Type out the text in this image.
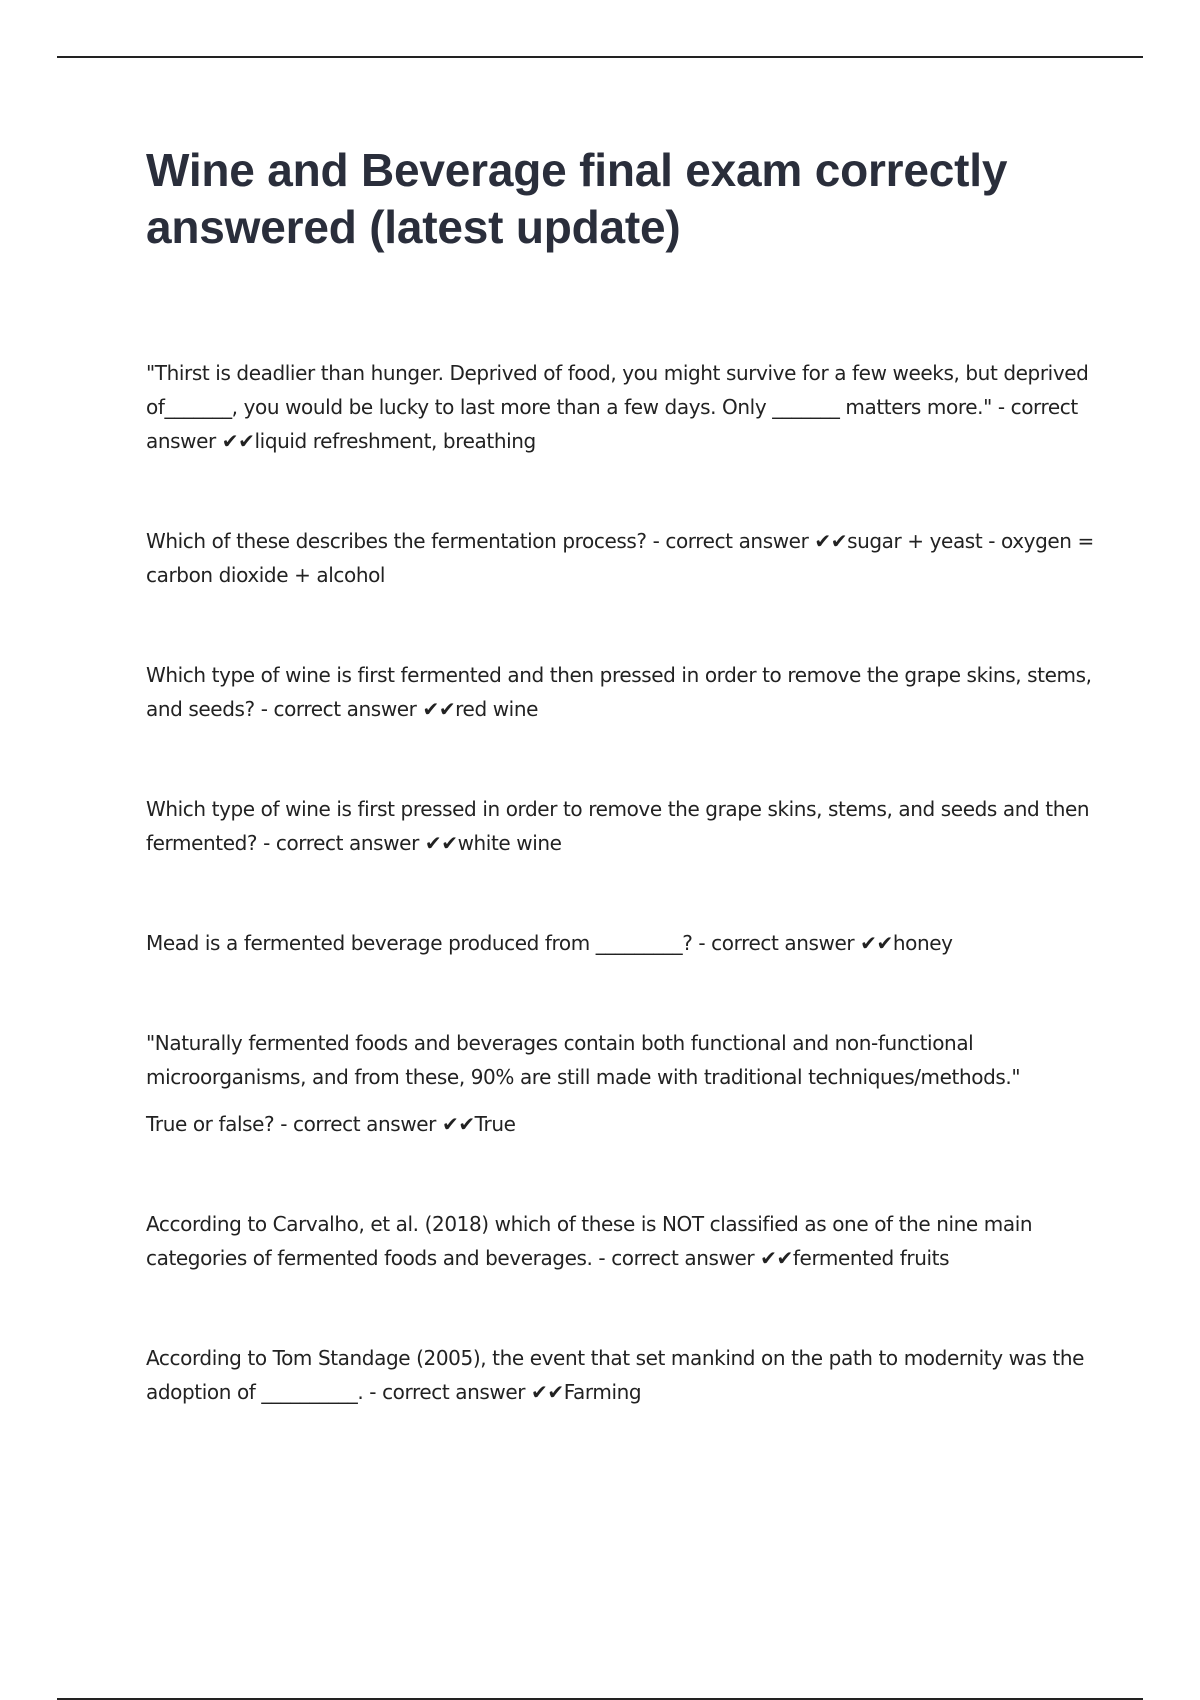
Wine and Beverage final exam correctly answered (latest update)

"Thirst is deadlier than hunger. Deprived of food, you might survive for a few weeks, but deprived of_______, you would be lucky to last more than a few days. Only _______ matters more." - correct answer ✔✔liquid refreshment, breathing

Which of these describes the fermentation process? - correct answer ✔✔sugar + yeast - oxygen = carbon dioxide + alcohol

Which type of wine is first fermented and then pressed in order to remove the grape skins, stems, and seeds? - correct answer ✔✔red wine

Which type of wine is first pressed in order to remove the grape skins, stems, and seeds and then fermented? - correct answer ✔✔white wine

Mead is a fermented beverage produced from _________? - correct answer ✔✔honey

"Naturally fermented foods and beverages contain both functional and non-functional microorganisms, and from these, 90% are still made with traditional techniques/methods."

True or false? - correct answer ✔✔True

According to Carvalho, et al. (2018) which of these is NOT classified as one of the nine main categories of fermented foods and beverages. - correct answer ✔✔fermented fruits

According to Tom Standage (2005), the event that set mankind on the path to modernity was the adoption of __________. - correct answer ✔✔Farming
